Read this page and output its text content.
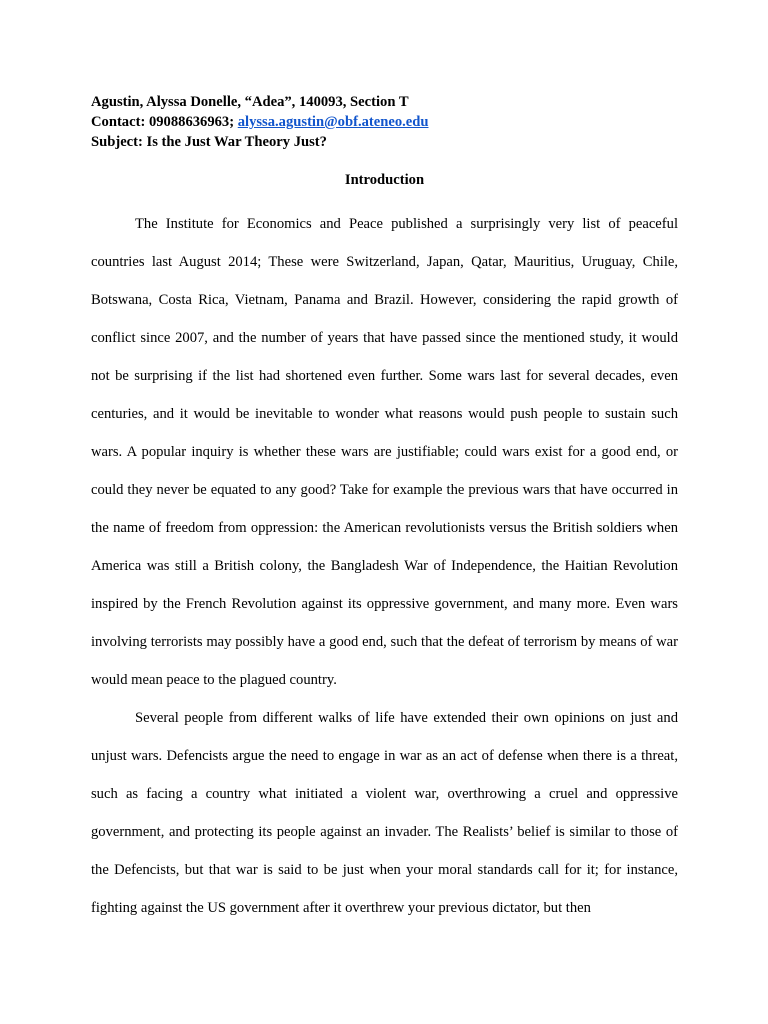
Agustin, Alyssa Donelle, “Adea”, 140093, Section T
Contact: 09088636963; alyssa.agustin@obf.ateneo.edu
Subject: Is the Just War Theory Just?
Introduction

The Institute for Economics and Peace published a surprisingly very list of peaceful countries last August 2014; These were Switzerland, Japan, Qatar, Mauritius, Uruguay, Chile, Botswana, Costa Rica, Vietnam, Panama and Brazil. However, considering the rapid growth of conflict since 2007, and the number of years that have passed since the mentioned study, it would not be surprising if the list had shortened even further. Some wars last for several decades, even centuries, and it would be inevitable to wonder what reasons would push people to sustain such wars. A popular inquiry is whether these wars are justifiable; could wars exist for a good end, or could they never be equated to any good? Take for example the previous wars that have occurred in the name of freedom from oppression: the American revolutionists versus the British soldiers when America was still a British colony, the Bangladesh War of Independence, the Haitian Revolution inspired by the French Revolution against its oppressive government, and many more. Even wars involving terrorists may possibly have a good end, such that the defeat of terrorism by means of war would mean peace to the plagued country.

Several people from different walks of life have extended their own opinions on just and unjust wars. Defencists argue the need to engage in war as an act of defense when there is a threat, such as facing a country what initiated a violent war, overthrowing a cruel and oppressive government, and protecting its people against an invader. The Realists’ belief is similar to those of the Defencists, but that war is said to be just when your moral standards call for it; for instance, fighting against the US government after it overthrew your previous dictator, but then
